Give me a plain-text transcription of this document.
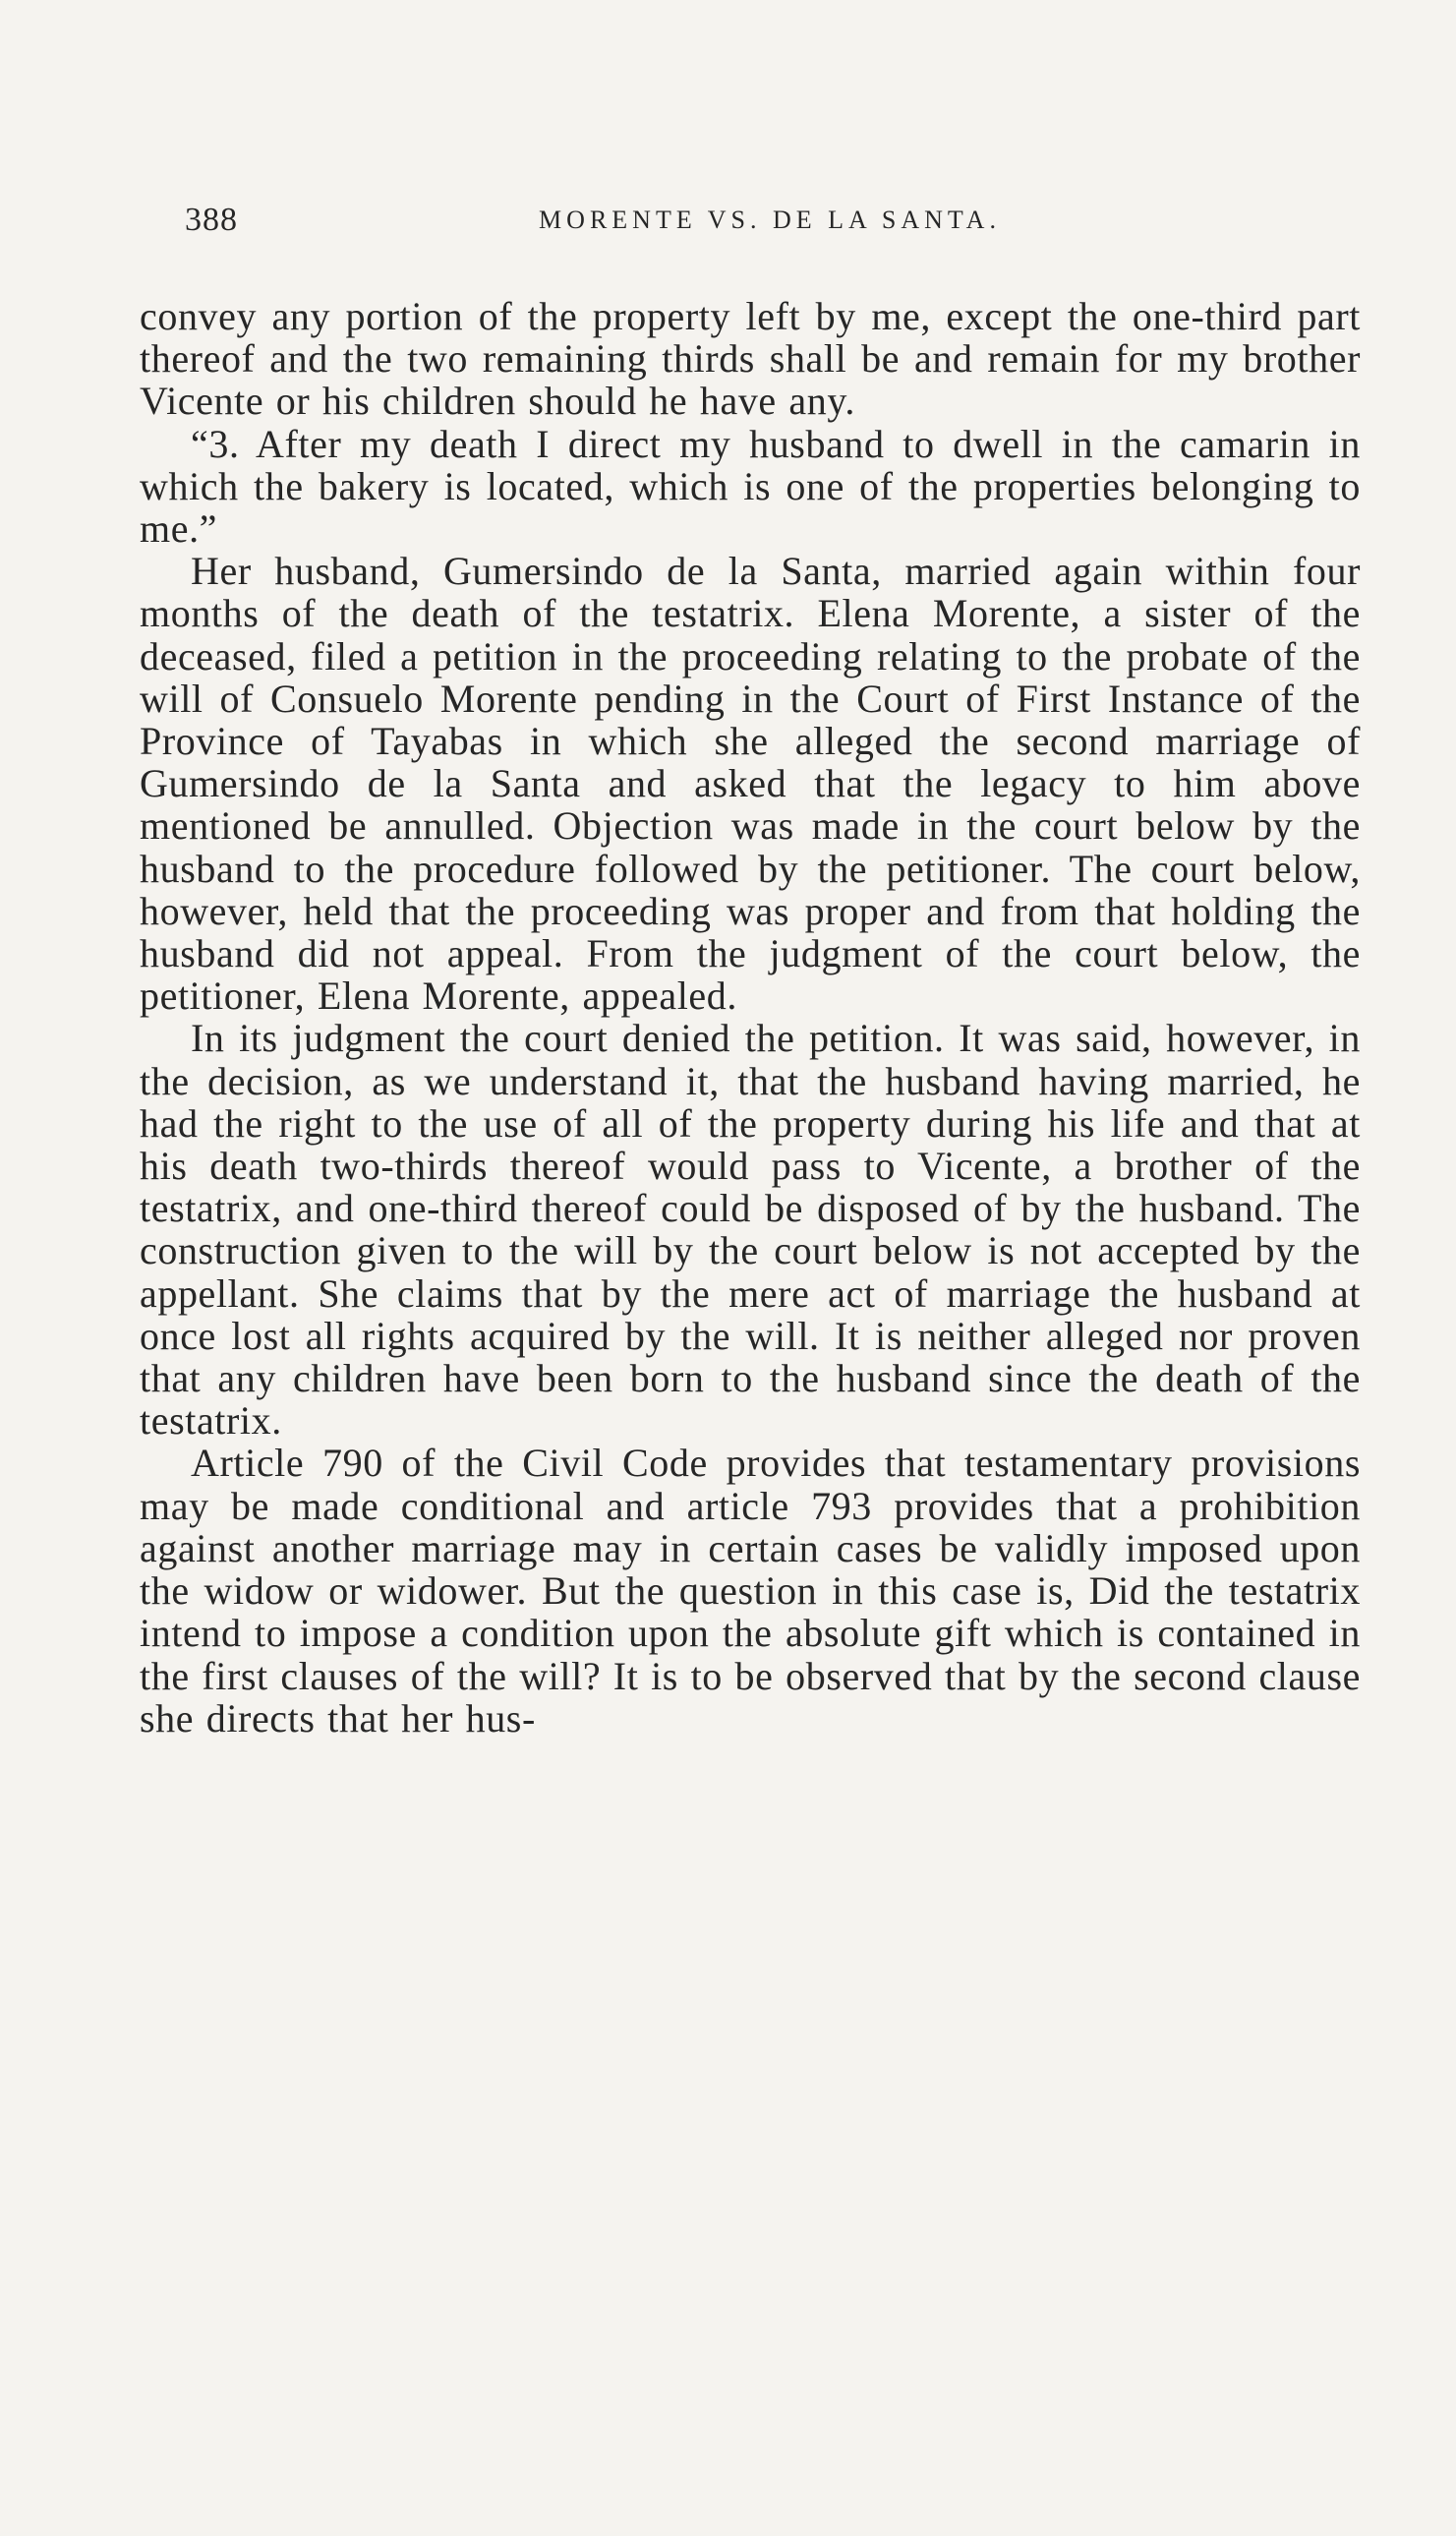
388	MORENTE VS. DE LA SANTA.

convey any portion of the property left by me, except the one-third part thereof and the two remaining thirds shall be and remain for my brother Vicente or his children should he have any.

“3. After my death I direct my husband to dwell in the camarin in which the bakery is located, which is one of the properties belonging to me.”

Her husband, Gumersindo de la Santa, married again within four months of the death of the testatrix. Elena Morente, a sister of the deceased, filed a petition in the proceeding relating to the probate of the will of Consuelo Morente pending in the Court of First Instance of the Province of Tayabas in which she alleged the second marriage of Gumersindo de la Santa and asked that the legacy to him above mentioned be annulled. Objection was made in the court below by the husband to the procedure followed by the petitioner. The court below, however, held that the proceeding was proper and from that holding the husband did not appeal. From the judgment of the court below, the petitioner, Elena Morente, appealed.

In its judgment the court denied the petition. It was said, however, in the decision, as we understand it, that the husband having married, he had the right to the use of all of the property during his life and that at his death two-thirds thereof would pass to Vicente, a brother of the testatrix, and one-third thereof could be disposed of by the husband. The construction given to the will by the court below is not accepted by the appellant. She claims that by the mere act of marriage the husband at once lost all rights acquired by the will. It is neither alleged nor proven that any children have been born to the husband since the death of the testatrix.

Article 790 of the Civil Code provides that testamentary provisions may be made conditional and article 793 provides that a prohibition against another marriage may in certain cases be validly imposed upon the widow or widower. But the question in this case is, Did the testatrix intend to impose a condition upon the absolute gift which is contained in the first clauses of the will? It is to be observed that by the second clause she directs that her hus-
